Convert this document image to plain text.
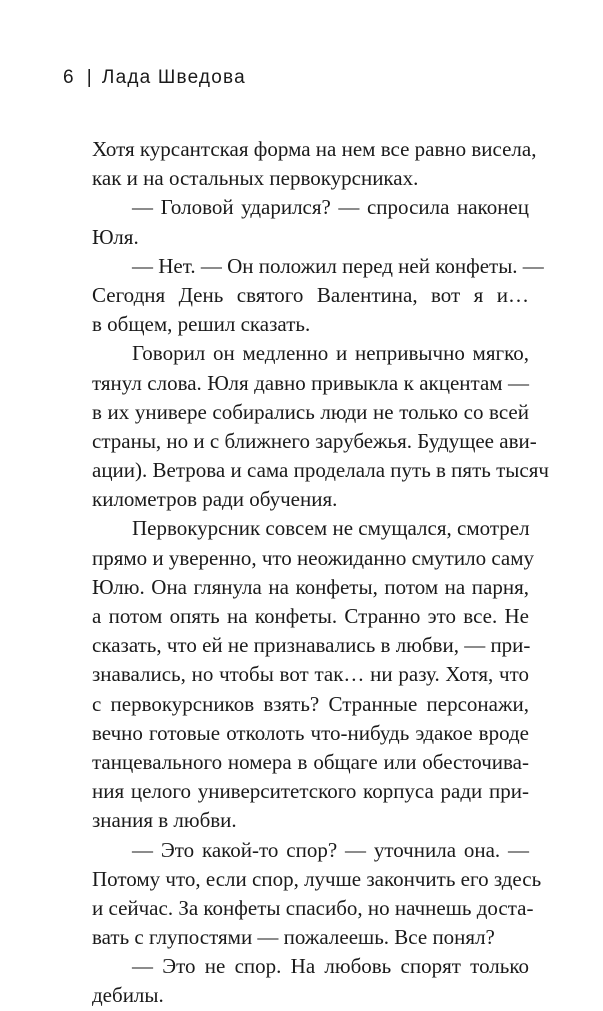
6 | Лада Шведова
Хотя курсантская форма на нем все равно висела,
как и на остальных первокурсниках.
— Головой ударился? — спросила наконец
Юля.
— Нет. — Он положил перед ней конфеты. —
Сегодня День святого Валентина, вот я и…
в общем, решил сказать.
Говорил он медленно и непривычно мягко,
тянул слова. Юля давно привыкла к акцентам —
в их универе собирались люди не только со всей
страны, но и с ближнего зарубежья. Будущее ави-
ации). Ветрова и сама проделала путь в пять тысяч
километров ради обучения.
Первокурсник совсем не смущался, смотрел
прямо и уверенно, что неожиданно смутило саму
Юлю. Она глянула на конфеты, потом на парня,
а потом опять на конфеты. Странно это все. Не
сказать, что ей не признавались в любви, — при-
знавались, но чтобы вот так… ни разу. Хотя, что
с первокурсников взять? Странные персонажи,
вечно готовые отколоть что-нибудь эдакое вроде
танцевального номера в общаге или обесточива-
ния целого университетского корпуса ради при-
знания в любви.
— Это какой-то спор? — уточнила она. —
Потому что, если спор, лучше закончить его здесь
и сейчас. За конфеты спасибо, но начнешь доста-
вать с глупостями — пожалеешь. Все понял?
— Это не спор. На любовь спорят только
дебилы.
